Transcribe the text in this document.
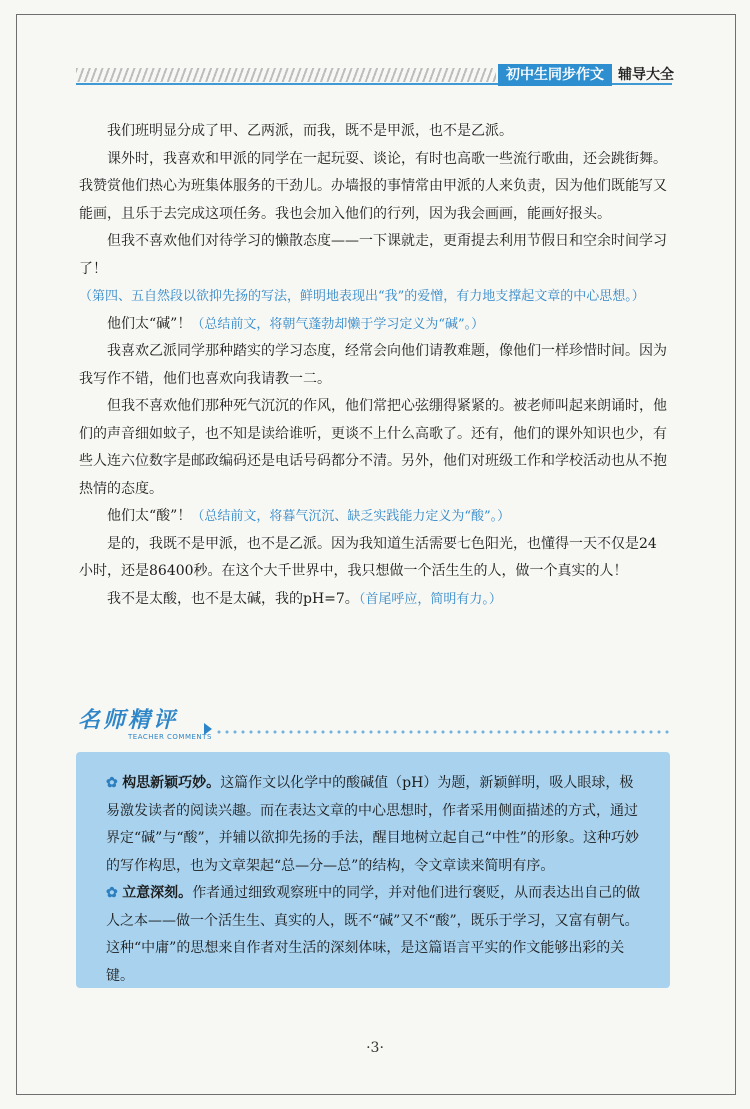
初中生同步作文	辅导大全

我们班明显分成了甲、乙两派，而我，既不是甲派，也不是乙派。

课外时，我喜欢和甲派的同学在一起玩耍、谈论，有时也高歌一些流行歌曲，还会跳街舞。我赞赏他们热心为班集体服务的干劲儿。办墙报的事情常由甲派的人来负责，因为他们既能写又能画，且乐于去完成这项任务。我也会加入他们的行列，因为我会画画，能画好报头。

但我不喜欢他们对待学习的懒散态度——一下课就走，更甭提去利用节假日和空余时间学习了！（第四、五自然段以欲抑先扬的写法，鲜明地表现出“我”的爱憎，有力地支撑起文章的中心思想。）

他们太“碱”！（总结前文，将朝气蓬勃却懒于学习定义为“碱”。）

我喜欢乙派同学那种踏实的学习态度，经常会向他们请教难题，像他们一样珍惜时间。因为我写作不错，他们也喜欢向我请教一二。

但我不喜欢他们那种死气沉沉的作风，他们常把心弦绷得紧紧的。被老师叫起来朗诵时，他们的声音细如蚊子，也不知是读给谁听，更谈不上什么高歌了。还有，他们的课外知识也少，有些人连六位数字是邮政编码还是电话号码都分不清。另外，他们对班级工作和学校活动也从不抱热情的态度。

他们太“酸”！（总结前文，将暮气沉沉、缺乏实践能力定义为“酸”。）

是的，我既不是甲派，也不是乙派。因为我知道生活需要七色阳光，也懂得一天不仅是24小时，还是86400秒。在这个大千世界中，我只想做一个活生生的人，做一个真实的人！

我不是太酸，也不是太碱，我的pH=7。（首尾呼应，简明有力。）

名师精评
TEACHER COMMENTS

✿ 构思新颖巧妙。这篇作文以化学中的酸碱值（pH）为题，新颖鲜明，吸人眼球，极易激发读者的阅读兴趣。而在表达文章的中心思想时，作者采用侧面描述的方式，通过界定“碱”与“酸”，并辅以欲抑先扬的手法，醒目地树立起自己“中性”的形象。这种巧妙的写作构思，也为文章架起“总—分—总”的结构，令文章读来简明有序。

✿ 立意深刻。作者通过细致观察班中的同学，并对他们进行褒贬，从而表达出自己的做人之本——做一个活生生、真实的人，既不“碱”又不“酸”，既乐于学习，又富有朝气。这种“中庸”的思想来自作者对生活的深刻体味，是这篇语言平实的作文能够出彩的关键。

·3·
